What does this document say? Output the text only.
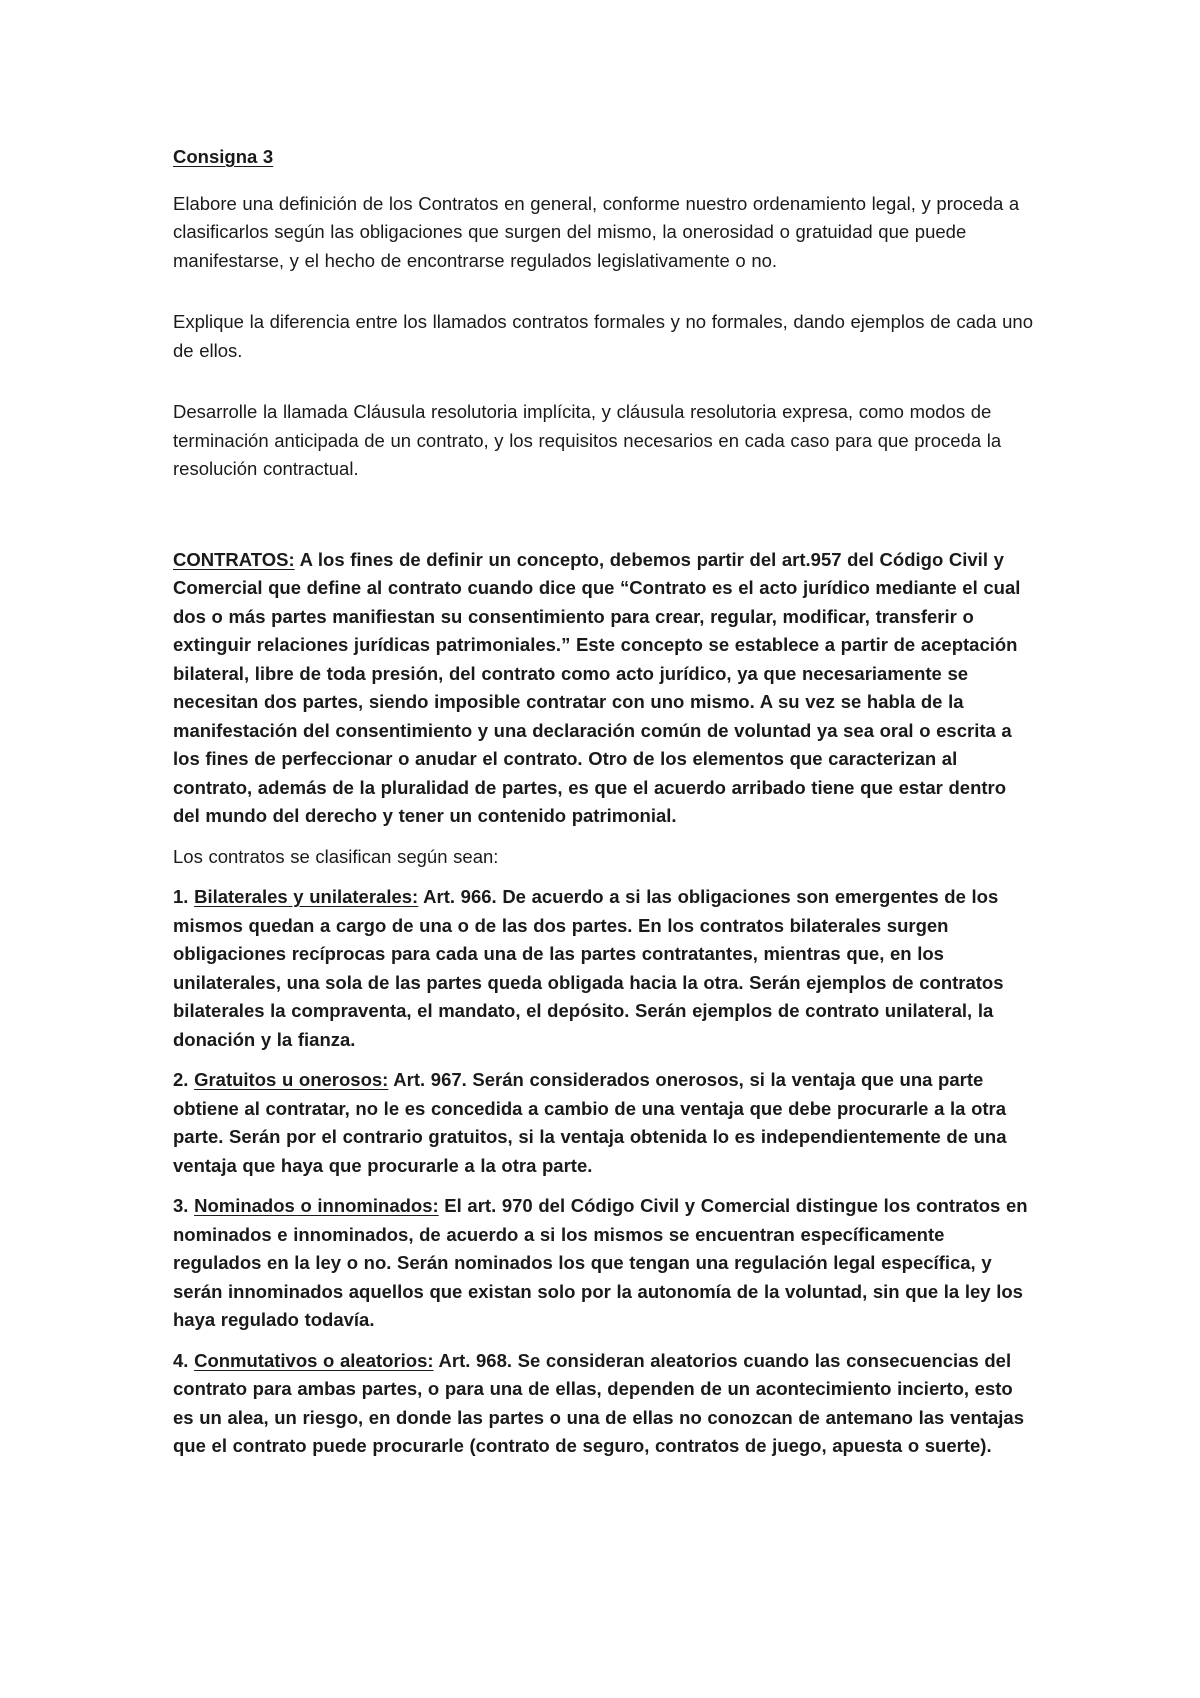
Consigna 3

Elabore una definición de los Contratos en general, conforme nuestro ordenamiento legal, y proceda a clasificarlos según las obligaciones que surgen del mismo, la onerosidad o gratuidad que puede manifestarse, y el hecho de encontrarse regulados legislativamente o no.

Explique la diferencia entre los llamados contratos formales y no formales, dando ejemplos de cada uno de ellos.

Desarrolle la llamada Cláusula resolutoria implícita, y cláusula resolutoria expresa, como modos de terminación anticipada de un contrato, y los requisitos necesarios en cada caso para que proceda la resolución contractual.

CONTRATOS: A los fines de definir un concepto, debemos partir del art.957 del Código Civil y Comercial que define al contrato cuando dice que “Contrato es el acto jurídico mediante el cual dos o más partes manifiestan su consentimiento para crear, regular, modificar, transferir o extinguir relaciones jurídicas patrimoniales.” Este concepto se establece a partir de aceptación bilateral, libre de toda presión, del contrato como acto jurídico, ya que necesariamente se necesitan dos partes, siendo imposible contratar con uno mismo. A su vez se habla de la manifestación del consentimiento y una declaración común de voluntad ya sea oral o escrita a los fines de perfeccionar o anudar el contrato. Otro de los elementos que caracterizan al contrato, además de la pluralidad de partes, es que el acuerdo arribado tiene que estar dentro del mundo del derecho y tener un contenido patrimonial.

Los contratos se clasifican según sean:

1. Bilaterales y unilaterales: Art. 966. De acuerdo a si las obligaciones son emergentes de los mismos quedan a cargo de una o de las dos partes. En los contratos bilaterales surgen obligaciones recíprocas para cada una de las partes contratantes, mientras que, en los unilaterales, una sola de las partes queda obligada hacia la otra. Serán ejemplos de contratos bilaterales la compraventa, el mandato, el depósito. Serán ejemplos de contrato unilateral, la donación y la fianza.

2. Gratuitos u onerosos: Art. 967. Serán considerados onerosos, si la ventaja que una parte obtiene al contratar, no le es concedida a cambio de una ventaja que debe procurarle a la otra parte. Serán por el contrario gratuitos, si la ventaja obtenida lo es independientemente de una ventaja que haya que procurarle a la otra parte.

3. Nominados o innominados: El art. 970 del Código Civil y Comercial distingue los contratos en nominados e innominados, de acuerdo a si los mismos se encuentran específicamente regulados en la ley o no. Serán nominados los que tengan una regulación legal específica, y serán innominados aquellos que existan solo por la autonomía de la voluntad, sin que la ley los haya regulado todavía.

4. Conmutativos o aleatorios: Art. 968. Se consideran aleatorios cuando las consecuencias del contrato para ambas partes, o para una de ellas, dependen de un acontecimiento incierto, esto es un alea, un riesgo, en donde las partes o una de ellas no conozcan de antemano las ventajas que el contrato puede procurarle (contrato de seguro, contratos de juego, apuesta o suerte).
